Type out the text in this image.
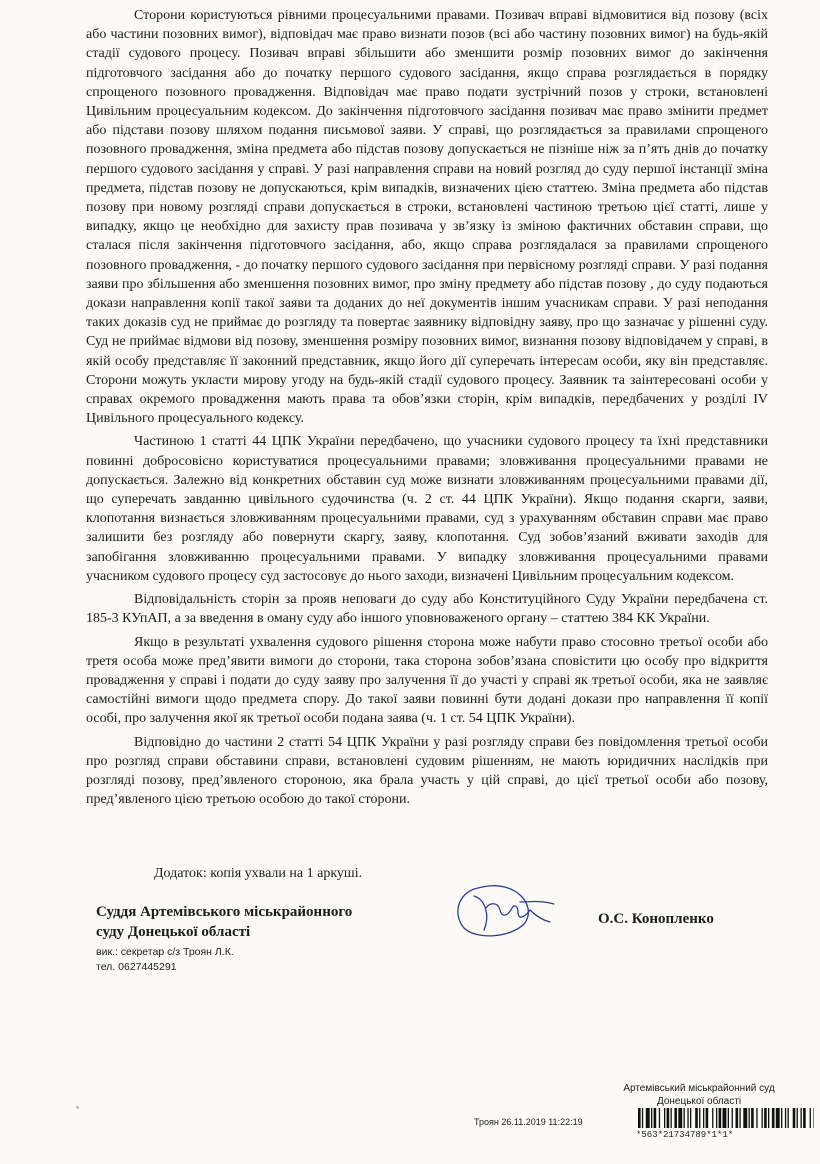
Сторони користуються рівними процесуальними правами. Позивач вправі відмовитися від позову (всіх або частини позовних вимог), відповідач має право визнати позов (всі або частину позовних вимог) на будь-якій стадії судового процесу. Позивач вправі збільшити або зменшити розмір позовних вимог до закінчення підготовчого засідання або до початку першого судового засідання, якщо справа розглядається в порядку спрощеного позовного провадження. Відповідач має право подати зустрічний позов у строки, встановлені Цивільним процесуальним кодексом. До закінчення підготовчого засідання позивач має право змінити предмет або підстави позову шляхом подання письмової заяви. У справі, що розглядається за правилами спрощеного позовного провадження, зміна предмета або підстав позову допускається не пізніше ніж за п’ять днів до початку першого судового засідання у справі. У разі направлення справи на новий розгляд до суду першої інстанції зміна предмета, підстав позову не допускаються, крім випадків, визначених цією статтею. Зміна предмета або підстав позову при новому розгляді справи допускається в строки, встановлені частиною третьою цієї статті, лише у випадку, якщо це необхідно для захисту прав позивача у зв’язку із зміною фактичних обставин справи, що сталася після закінчення підготовчого засідання, або, якщо справа розглядалася за правилами спрощеного позовного провадження, - до початку першого судового засідання при первісному розгляді справи. У разі подання заяви про збільшення або зменшення позовних вимог, про зміну предмету або підстав позову , до суду подаються докази направлення копії такої заяви та доданих до неї документів іншим учасникам справи. У разі неподання таких доказів суд не приймає до розгляду та повертає заявнику відповідну заяву, про що зазначає у рішенні суду. Суд не приймає відмови від позову, зменшення розміру позовних вимог, визнання позову відповідачем у справі, в якій особу представляє її законний представник, якщо його дії суперечать інтересам особи, яку він представляє. Сторони можуть укласти мирову угоду на будь-якій стадії судового процесу. Заявник та заінтересовані особи у справах окремого провадження мають права та обов’язки сторін, крім випадків, передбачених у розділі IV Цивільного процесуального кодексу.

Частиною 1 статті 44 ЦПК України передбачено, що учасники судового процесу та їхні представники повинні добросовісно користуватися процесуальними правами; зловживання процесуальними правами не допускається. Залежно від конкретних обставин суд може визнати зловживанням процесуальними правами дії, що суперечать завданню цивільного судочинства (ч. 2 ст. 44 ЦПК України). Якщо подання скарги, заяви, клопотання визнається зловживанням процесуальними правами, суд з урахуванням обставин справи має право залишити без розгляду або повернути скаргу, заяву, клопотання. Суд зобов’язаний вживати заходів для запобігання зловживанню процесуальними правами. У випадку зловживання процесуальними правами учасником судового процесу суд застосовує до нього заходи, визначені Цивільним процесуальним кодексом.

Відповідальність сторін за прояв неповаги до суду або Конституційного Суду України передбачена ст. 185-3 КУпАП, а за введення в оману суду або іншого уповноваженого органу – статтею 384 КК України.

Якщо в результаті ухвалення судового рішення сторона може набути право стосовно третьої особи або третя особа може пред’явити вимоги до сторони, така сторона зобов’язана сповістити цю особу про відкриття провадження у справі і подати до суду заяву про залучення її до участі у справі як третьої особи, яка не заявляє самостійні вимоги щодо предмета спору. До такої заяви повинні бути додані докази про направлення її копії особі, про залучення якої як третьої особи подана заява (ч. 1 ст. 54 ЦПК України).

Відповідно до частини 2 статті 54 ЦПК України у разі розгляду справи без повідомлення третьої особи про розгляд справи обставини справи, встановлені судовим рішенням, не мають юридичних наслідків при розгляді позову, пред’явленого стороною, яка брала участь у цій справі, до цієї третьої особи або позову, пред’явленого цією третьою особою до такої сторони.

Додаток: копія ухвали на 1 аркуші.
Суддя Артемівського міськрайонного
суду Донецької області
вик.: секретар с/з Троян Л.К.
тел. 0627445291
О.С. Конопленко
Артемівський міськрайонний суд
Донецької області
Троян 26.11.2019 11:22:19
*563*21734789*1*1*
